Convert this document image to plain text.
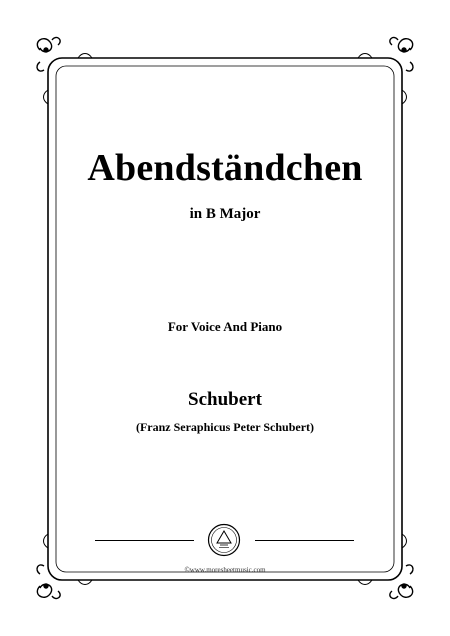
Abendständchen
in B Major
For Voice And Piano
Schubert
(Franz Seraphicus Peter Schubert)
©www.moresheetmusic.com
